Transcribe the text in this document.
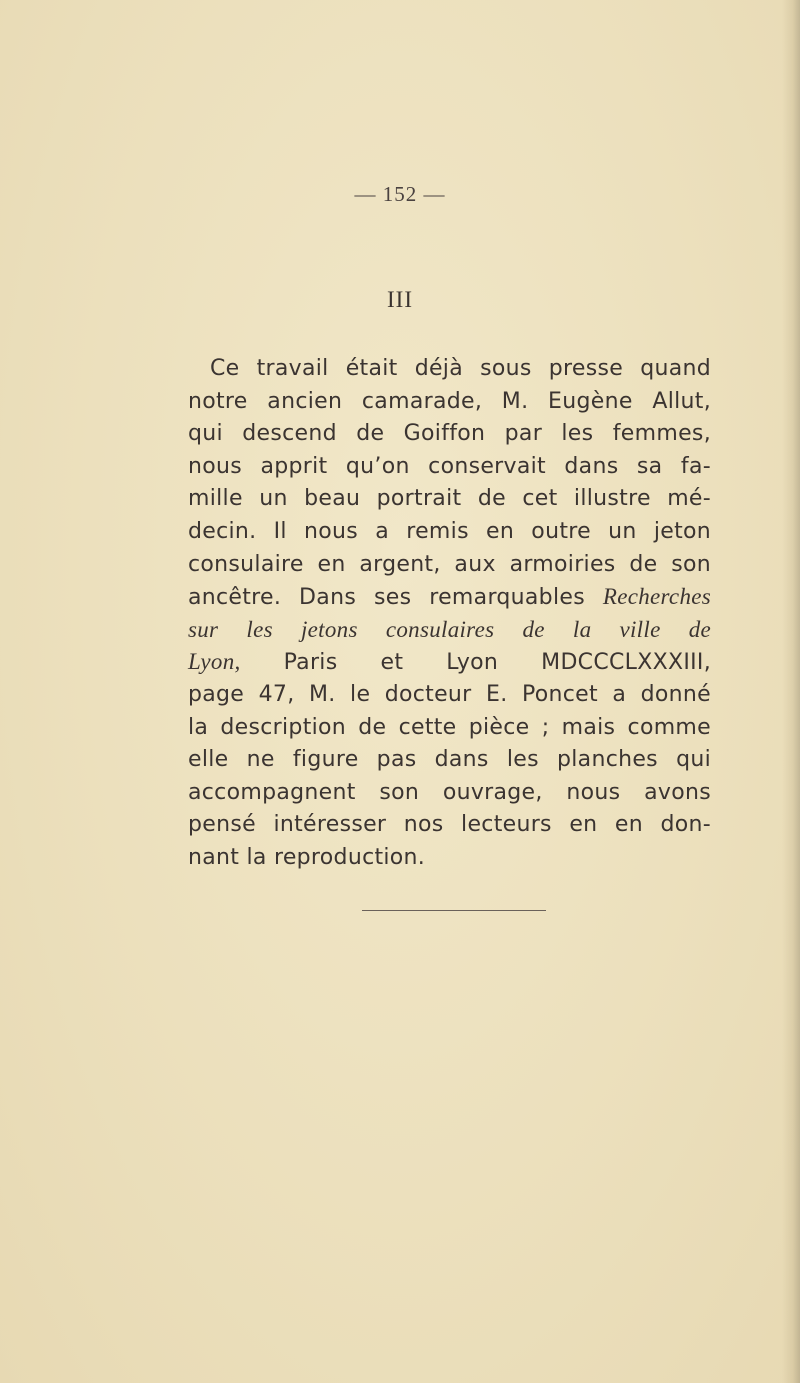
— 152 —
III
Ce travail était déjà sous presse quand
notre ancien camarade, M. Eugène Allut,
qui descend de Goiffon par les femmes,
nous apprit qu’on conservait dans sa fa-
mille un beau portrait de cet illustre mé-
decin. Il nous a remis en outre un jeton
consulaire en argent, aux armoiries de son
ancêtre. Dans ses remarquables Recherches
sur les jetons consulaires de la ville de
Lyon, Paris et Lyon MDCCCLXXXIII,
page 47, M. le docteur E. Poncet a donné
la description de cette pièce ; mais comme
elle ne figure pas dans les planches qui
accompagnent son ouvrage, nous avons
pensé intéresser nos lecteurs en en don-
nant la reproduction.
